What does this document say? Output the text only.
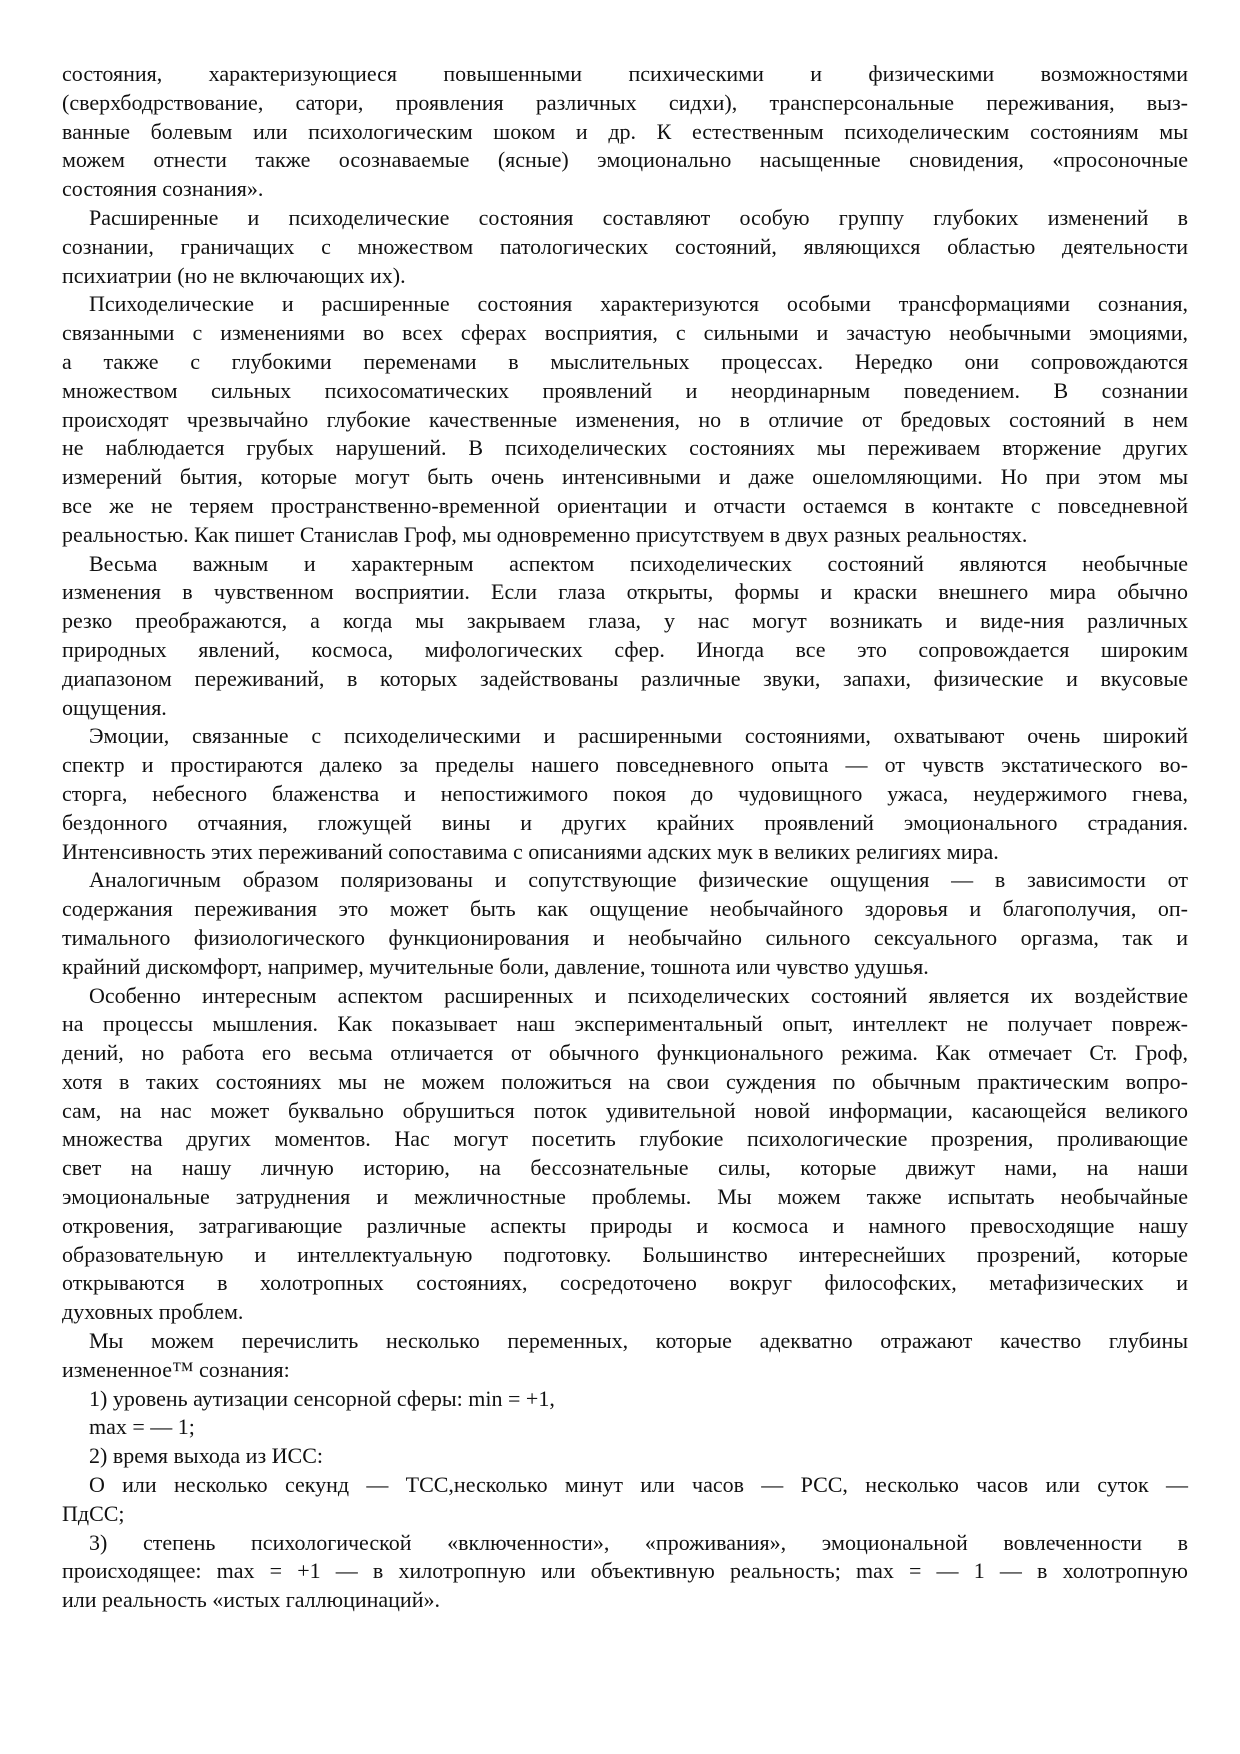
состояния, характеризующиеся повышенными психическими и физическими возможностями
(сверхбодрствование, сатори, проявления различных сидхи), трансперсональные переживания, выз-
ванные болевым или психологическим шоком и др. К естественным психоделическим состояниям мы
можем отнести также осознаваемые (ясные) эмоционально насыщенные сновидения, «просоночные
состояния сознания».
Расширенные и психоделические состояния составляют особую группу глубоких изменений в
сознании, граничащих с множеством патологических состояний, являющихся областью деятельности
психиатрии (но не включающих их).
Психоделические и расширенные состояния характеризуются особыми трансформациями сознания,
связанными с изменениями во всех сферах восприятия, с сильными и зачастую необычными эмоциями,
а также с глубокими переменами в мыслительных процессах. Нередко они сопровождаются
множеством сильных психосоматических проявлений и неординарным поведением. В сознании
происходят чрезвычайно глубокие качественные изменения, но в отличие от бредовых состояний в нем
не наблюдается грубых нарушений. В психоделических состояниях мы переживаем вторжение других
измерений бытия, которые могут быть очень интенсивными и даже ошеломляющими. Но при этом мы
все же не теряем пространственно-временной ориентации и отчасти остаемся в контакте с повседневной
реальностью. Как пишет Станислав Гроф, мы одновременно присутствуем в двух разных реальностях.
Весьма важным и характерным аспектом психоделических состояний являются необычные
изменения в чувственном восприятии. Если глаза открыты, формы и краски внешнего мира обычно
резко преображаются, а когда мы закрываем глаза, у нас могут возникать и виде-ния различных
природных явлений, космоса, мифологических сфер. Иногда все это сопровождается широким
диапазоном переживаний, в которых задействованы различные звуки, запахи, физические и вкусовые
ощущения.
Эмоции, связанные с психоделическими и расширенными состояниями, охватывают очень широкий
спектр и простираются далеко за пределы нашего повседневного опыта — от чувств экстатического во-
сторга, небесного блаженства и непостижимого покоя до чудовищного ужаса, неудержимого гнева,
бездонного отчаяния, гложущей вины и других крайних проявлений эмоционального страдания.
Интенсивность этих переживаний сопоставима с описаниями адских мук в великих религиях мира.
Аналогичным образом поляризованы и сопутствующие физические ощущения — в зависимости от
содержания переживания это может быть как ощущение необычайного здоровья и благополучия, оп-
тимального физиологического функционирования и необычайно сильного сексуального оргазма, так и
крайний дискомфорт, например, мучительные боли, давление, тошнота или чувство удушья.
Особенно интересным аспектом расширенных и психоделических состояний является их воздействие
на процессы мышления. Как показывает наш экспериментальный опыт, интеллект не получает повреж-
дений, но работа его весьма отличается от обычного функционального режима. Как отмечает Ст. Гроф,
хотя в таких состояниях мы не можем положиться на свои суждения по обычным практическим вопро-
сам, на нас может буквально обрушиться поток удивительной новой информации, касающейся великого
множества других моментов. Нас могут посетить глубокие психологические прозрения, проливающие
свет на нашу личную историю, на бессознательные силы, которые движут нами, на наши
эмоциональные затруднения и межличностные проблемы. Мы можем также испытать необычайные
откровения, затрагивающие различные аспекты природы и космоса и намного превосходящие нашу
образовательную и интеллектуальную подготовку. Большинство интереснейших прозрений, которые
открываются в холотропных состояниях, сосредоточено вокруг философских, метафизических и
духовных проблем.
Мы можем перечислить несколько переменных, которые адекватно отражают качество глубины
измененное™ сознания:
1) уровень аутизации сенсорной сферы: min = +1,
max = — 1;
2) время выхода из ИСС:
О или несколько секунд — ТСС,несколько минут или часов — РСС, несколько часов или суток —
ПдСС;
3) степень психологической «включенности», «проживания», эмоциональной вовлеченности в
происходящее: max = +1 — в хилотропную или объективную реальность; max = — 1 — в холотропную
или реальность «истых галлюцинаций».
